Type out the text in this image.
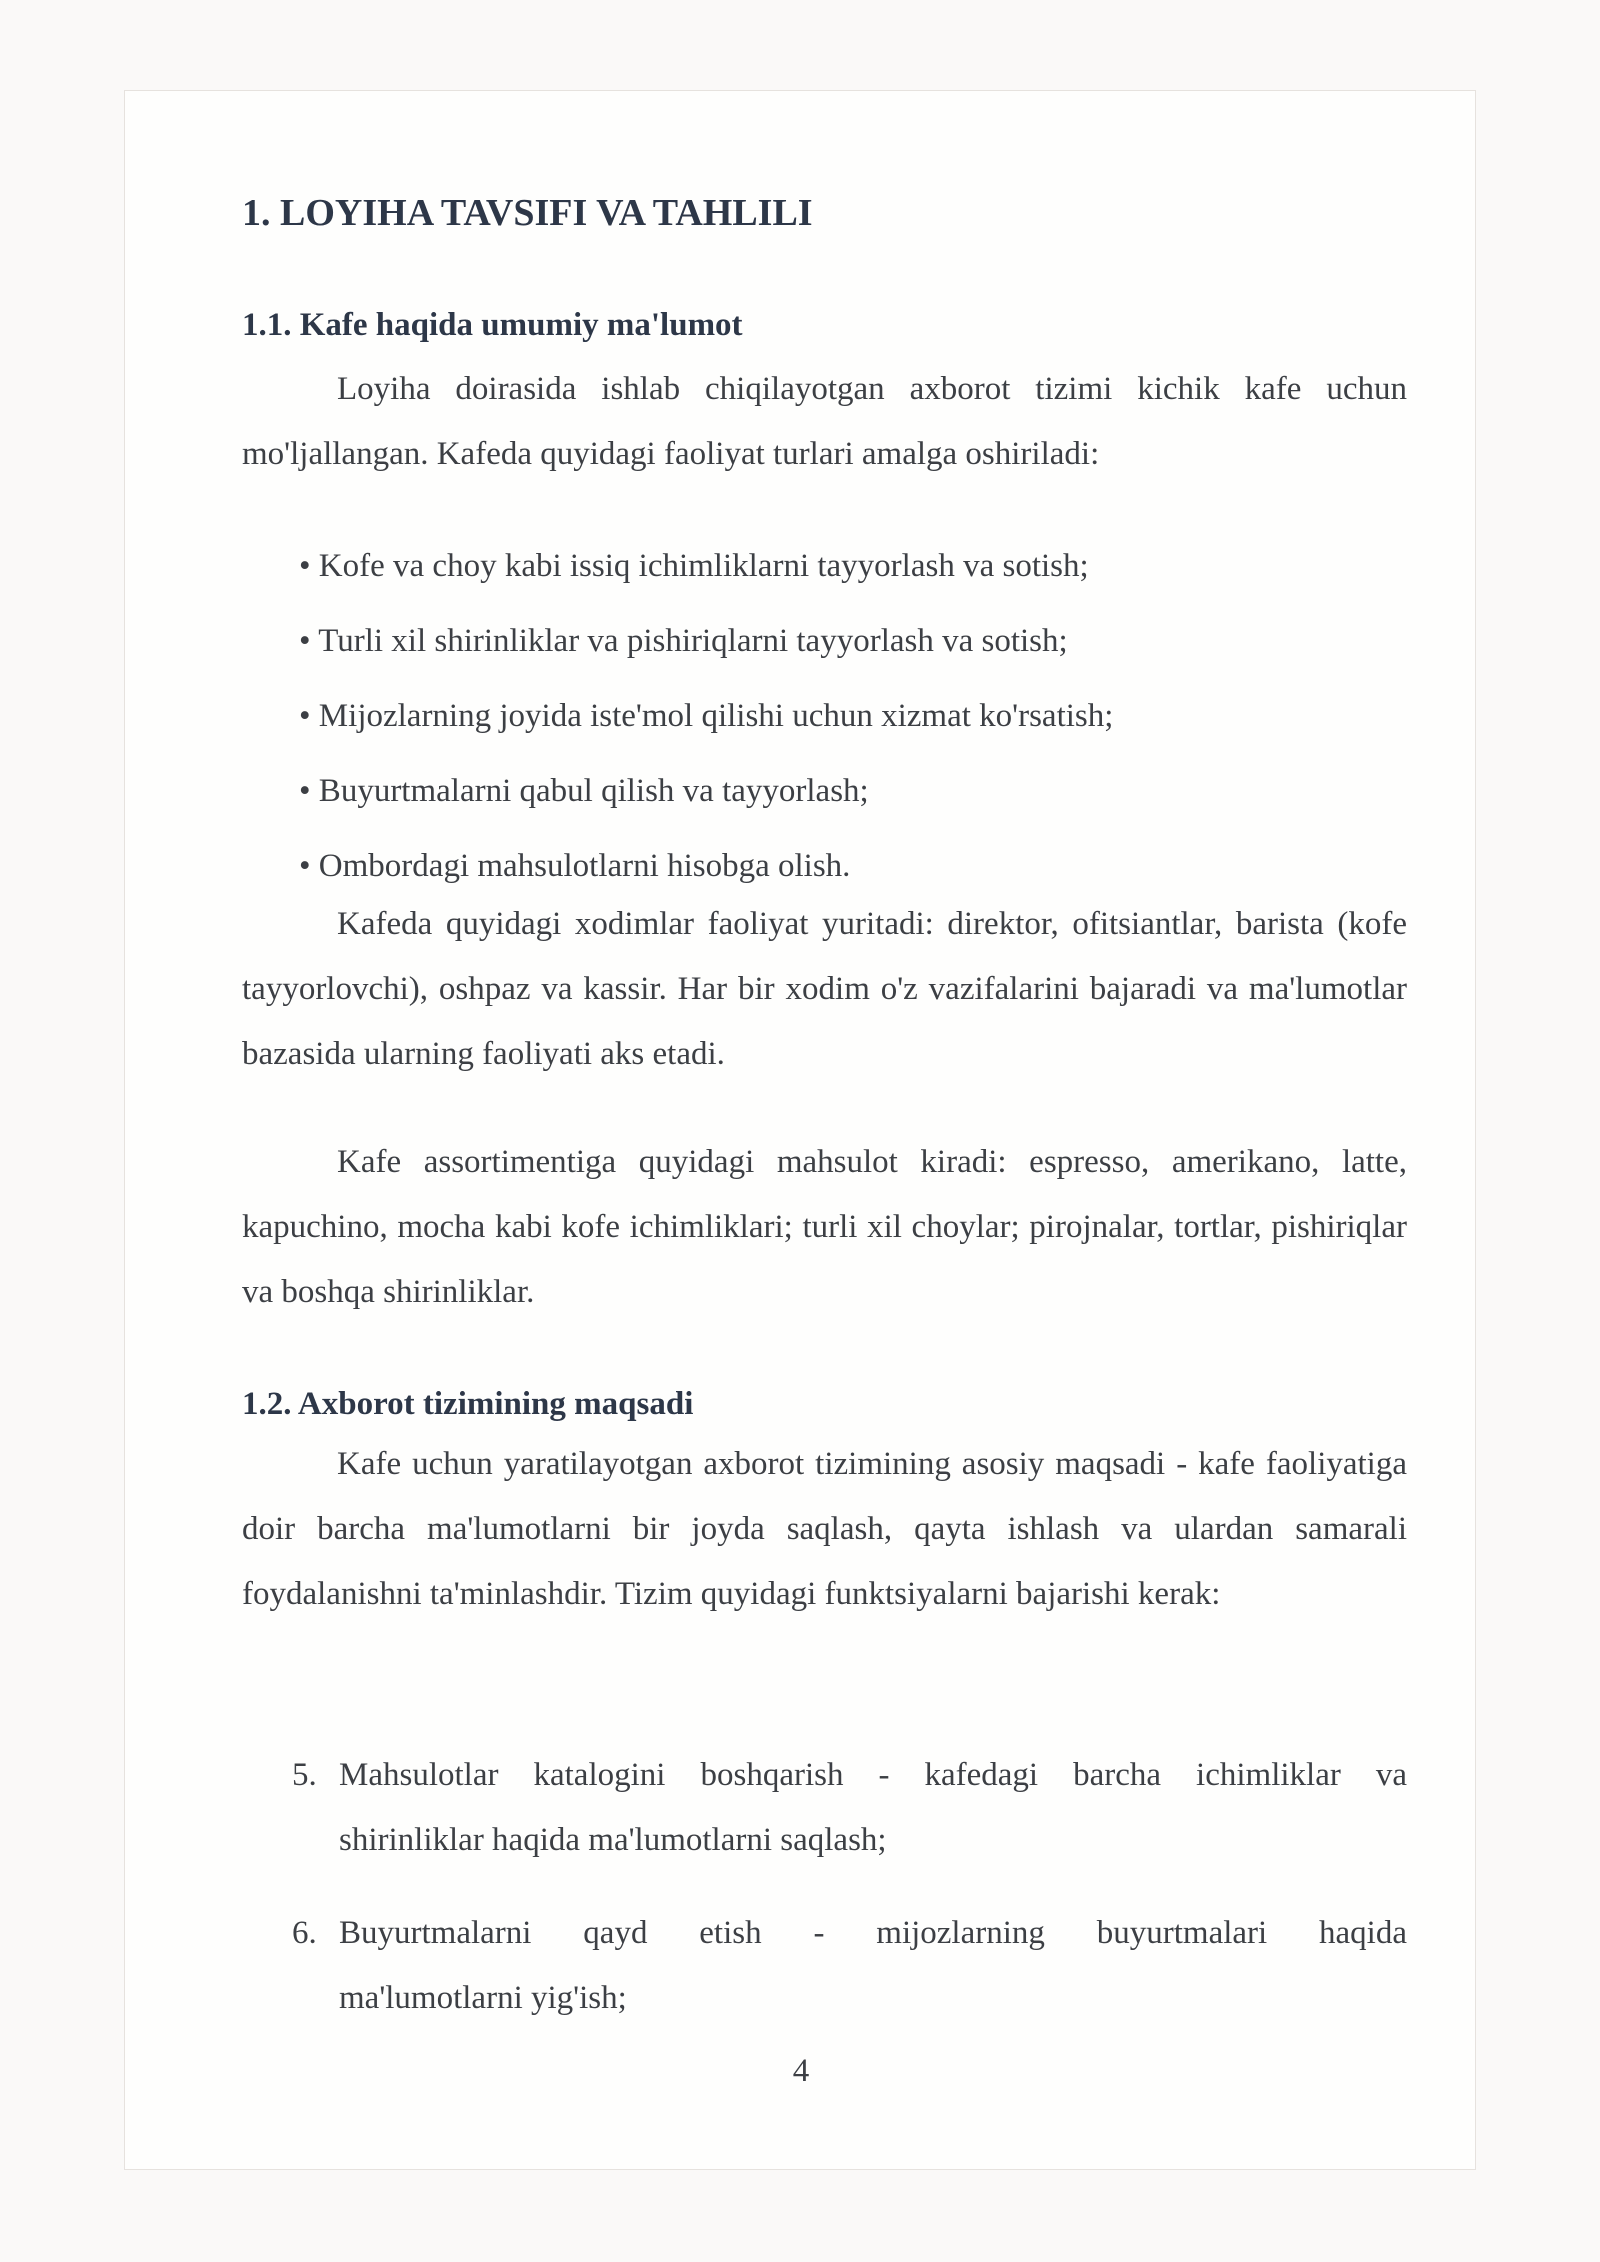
1. LOYIHA TAVSIFI VA TAHLILI
1.1. Kafe haqida umumiy ma'lumot

Loyiha doirasida ishlab chiqilayotgan axborot tizimi kichik kafe uchun mo'ljallangan. Kafeda quyidagi faoliyat turlari amalga oshiriladi:

• Kofe va choy kabi issiq ichimliklarni tayyorlash va sotish;

• Turli xil shirinliklar va pishiriqlarni tayyorlash va sotish;

• Mijozlarning joyida iste'mol qilishi uchun xizmat ko'rsatish;

• Buyurtmalarni qabul qilish va tayyorlash;

• Ombordagi mahsulotlarni hisobga olish.

Kafeda quyidagi xodimlar faoliyat yuritadi: direktor, ofitsiantlar, barista (kofe tayyorlovchi), oshpaz va kassir. Har bir xodim o'z vazifalarini bajaradi va ma'lumotlar bazasida ularning faoliyati aks etadi.

Kafe assortimentiga quyidagi mahsulot kiradi: espresso, amerikano, latte, kapuchino, mocha kabi kofe ichimliklari; turli xil choylar; pirojnalar, tortlar, pishiriqlar va boshqa shirinliklar.

1.2. Axborot tizimining maqsadi

Kafe uchun yaratilayotgan axborot tizimining asosiy maqsadi - kafe faoliyatiga doir barcha ma'lumotlarni bir joyda saqlash, qayta ishlash va ulardan samarali foydalanishni ta'minlashdir. Tizim quyidagi funktsiyalarni bajarishi kerak:

5. Mahsulotlar katalogini boshqarish - kafedagi barcha ichimliklar va
shirinliklar haqida ma'lumotlarni saqlash;
6. Buyurtmalarni qayd etish - mijozlarning buyurtmalari haqida
ma'lumotlarni yig'ish;
4
